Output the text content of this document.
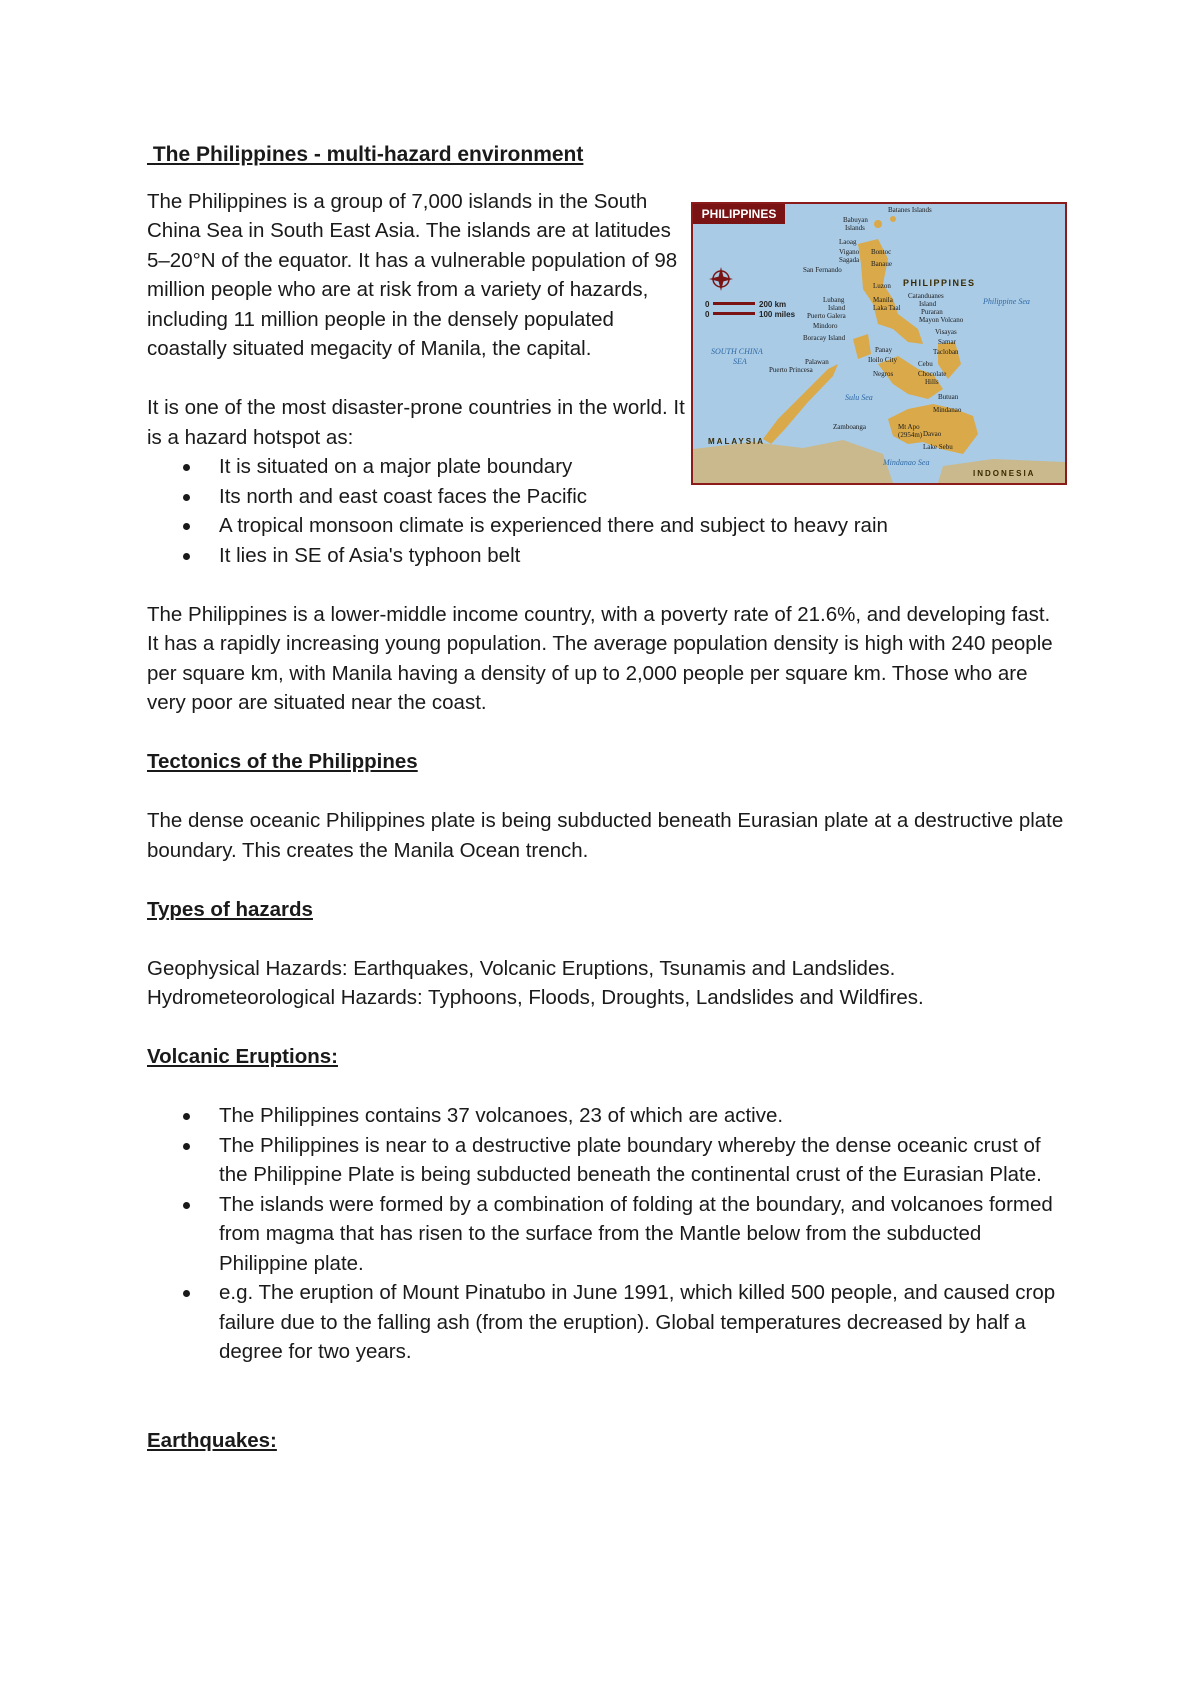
The Philippines - multi-hazard environment

The Philippines is a group of 7,000 islands in the South China Sea in South East Asia. The islands are at latitudes 5–20°N of the equator. It has a vulnerable population of 98 million people who are at risk from a variety of hazards, including 11 million people in the densely populated coastally situated megacity of Manila, the capital.

It is one of the most disaster-prone countries in the world. It is a hazard hotspot as:

It is situated on a major plate boundary
Its north and east coast faces the Pacific
A tropical monsoon climate is experienced there and subject to heavy rain
It lies in SE of Asia's typhoon belt

The Philippines is a lower-middle income country, with a poverty rate of 21.6%, and developing fast. It has a rapidly increasing young population. The average population density is high with 240 people per square km, with Manila having a density of up to 2,000 people per square km. Those who are very poor are situated near the coast.

Tectonics of the Philippines

The dense oceanic Philippines plate is being subducted beneath Eurasian plate at a destructive plate boundary. This creates the Manila Ocean trench.

Types of hazards

Geophysical Hazards: Earthquakes, Volcanic Eruptions, Tsunamis and Landslides.

Hydrometeorological Hazards: Typhoons, Floods, Droughts, Landslides and Wildfires.

Volcanic Eruptions:
The Philippines contains 37 volcanoes, 23 of which are active.
The Philippines is near to a destructive plate boundary whereby the dense oceanic crust of the Philippine Plate is being subducted beneath the continental crust of the Eurasian Plate.
The islands were formed by a combination of folding at the boundary, and volcanoes formed from magma that has risen to the surface from the Mantle below from the subducted Philippine plate.
e.g. The eruption of Mount Pinatubo in June 1991, which killed 500 people, and caused crop failure due to the falling ash (from the eruption). Global temperatures decreased by half a degree for two years.
Earthquakes:
PHILIPPINES
0	200 km
0	100 miles
PHILIPPINES
SOUTH CHINA
SEA
Philippine Sea
Sulu Sea
Mindanao Sea
MALAYSIA
INDONESIA
Batanes Islands
Babuyan
Islands
Laoag
Vigano Bontoc
Sagada Banaue
San Fernando
Luzon
Lubang
Island
Manila
Laka Taal
Puerto Galera
Mindoro
Boracay Island
Palawan
Puerto Princesa
Panay
Iloilo City
Negros
Catanduanes
Island
Puraran
Mayon Volcano
Visayas
Samar
Tacloban
Cebu
Chocolate
Hills
Butuan
Mindanao
Davao
Lake Sebu
Zamboanga	Mt Apo
(2954m)
